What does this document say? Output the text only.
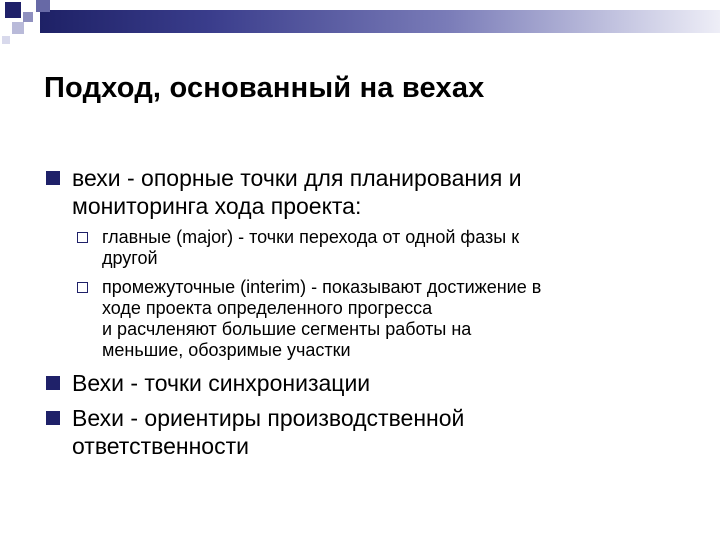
Подход, основанный на вехах
вехи - опорные точки для планирования и
мониторинга хода проекта:
главные (major) - точки перехода от одной фазы к
другой
промежуточные (interim) - показывают достижение в
ходе проекта определенного прогресса
и расчленяют большие сегменты работы на
меньшие, обозримые участки
Вехи - точки синхронизации
Вехи - ориентиры производственной
ответственности
